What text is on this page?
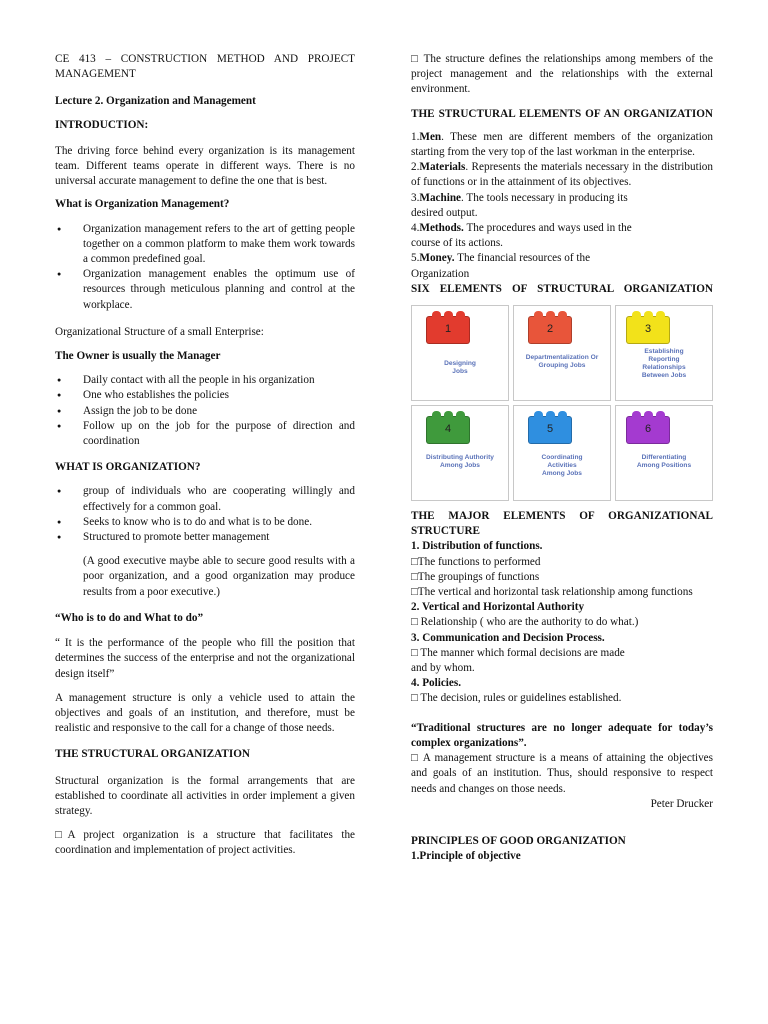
CE 413 – CONSTRUCTION METHOD AND PROJECT MANAGEMENT

Lecture 2. Organization and Management

INTRODUCTION:

The driving force behind every organization is its management team. Different teams operate in different ways. There is no universal accurate management to define the one that is best.

What is Organization Management?

● Organization management refers to the art of getting people together on a common platform to make them work towards a common predefined goal.
● Organization management enables the optimum use of resources through meticulous planning and control at the workplace.

Organizational Structure of a small Enterprise:

The Owner is usually the Manager

● Daily contact with all the people in his organization
● One who establishes the policies
● Assign the job to be done
● Follow up on the job for the purpose of direction and coordination

WHAT IS ORGANIZATION?

● group of individuals who are cooperating willingly and effectively for a common goal.
● Seeks to know who is to do and what is to be done.
● Structured to promote better management

(A good executive maybe able to secure good results with a poor organization, and a good organization may produce results from a poor executive.)

“Who is to do and What to do”

“ It is the performance of the people who fill the position that determines the success of the enterprise and not the organizational design itself”

A management structure is only a vehicle used to attain the objectives and goals of an institution, and therefore, must be realistic and responsive to the call for a change of those needs.

THE STRUCTURAL ORGANIZATION

Structural organization is the formal arrangements that are established to coordinate all activities in order implement a given strategy.

□A project organization is a structure that facilitates the coordination and implementation of project activities.

□ The structure defines the relationships among members of the project management and the relationships with the external environment.

THE STRUCTURAL ELEMENTS OF AN ORGANIZATION

1.Men. These men are different members of the organization starting from the very top of the last workman in the enterprise.

2.Materials. Represents the materials necessary in the distribution of functions or in the attainment of its objectives.

3.Machine. The tools necessary in producing its desired output.

4.Methods. The procedures and ways used in the course of its actions.

5.Money. The financial resources of the Organization

SIX ELEMENTS OF STRUCTURAL ORGANIZATION

1
Designing Jobs
2
Departmentalization Or Grouping Jobs
3
Establishing Reporting Relationships Between Jobs
4
Distributing Authority Among Jobs
5
Coordinating Activities Among Jobs
6
Differentiating Among Positions

THE MAJOR ELEMENTS OF ORGANIZATIONAL STRUCTURE

1. Distribution of functions.

□The functions to performed

□The groupings of functions

□The vertical and horizontal task relationship among functions

2. Vertical and Horizontal Authority

□ Relationship ( who are the authority to do what.)

3. Communication and Decision Process.

□ The manner which formal decisions are made and by whom.

4. Policies.

□ The decision, rules or guidelines established.

“Traditional structures are no longer adequate for today’s complex organizations”.

□ A management structure is a means of attaining the objectives and goals of an institution. Thus, should responsive to respect needs and changes on those needs.

Peter Drucker

PRINCIPLES OF GOOD ORGANIZATION

1.Principle of objective
